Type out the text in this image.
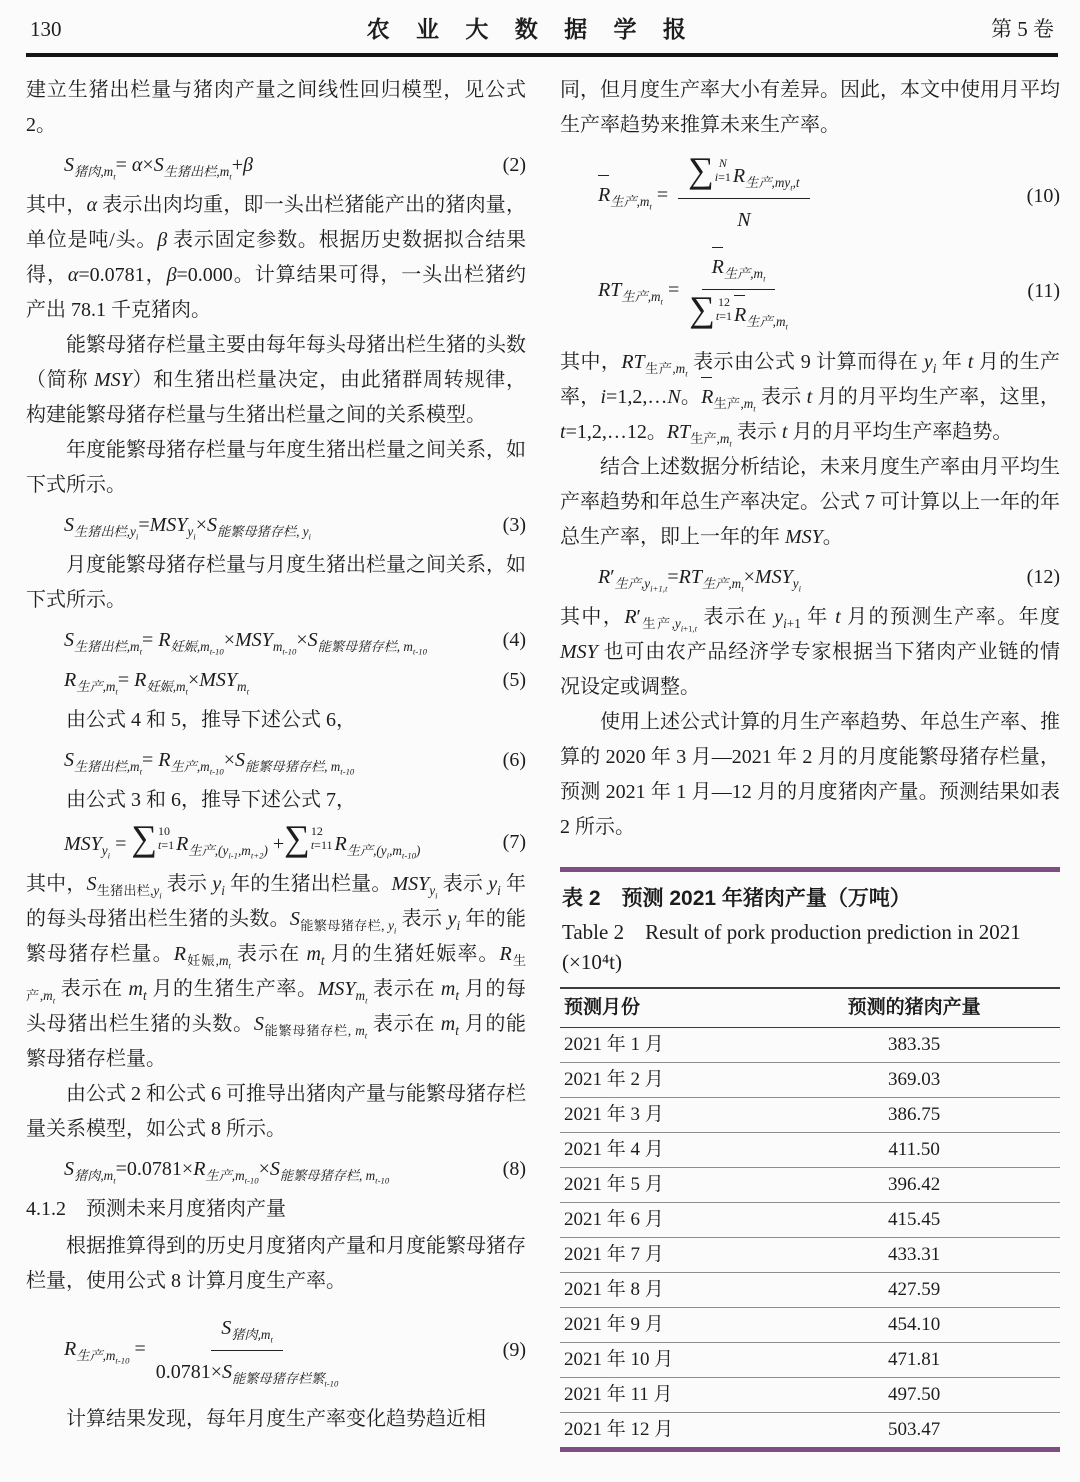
130	农 业 大 数 据 学 报	第 5 卷

建立生猪出栏量与猪肉产量之间线性回归模型，见公式 2。

$S_{猪肉,m_t}= \alpha\times S_{生猪出栏,m_t}+\beta$	(2)

其中，α 表示出肉均重，即一头出栏猪能产出的猪肉量，单位是吨/头。β 表示固定参数。根据历史数据拟合结果得，α=0.0781，β=0.000。计算结果可得，一头出栏猪约产出 78.1 千克猪肉。

能繁母猪存栏量主要由每年每头母猪出栏生猪的头数（简称 MSY）和生猪出栏量决定，由此猪群周转规律，构建能繁母猪存栏量与生猪出栏量之间的关系模型。

年度能繁母猪存栏量与年度生猪出栏量之间关系，如下式所示。

$S_{生猪出栏,y_i}=MSY_{y_i}\times S_{能繁母猪存栏, y_i}$
(3)

月度能繁母猪存栏量与月度生猪出栏量之间关系，如下式所示。

$S_{生猪出栏,m_t}= R_{妊娠,m_{t-10}}\times MSY_{m_{t-10}}\times S_{能繁母猪存栏, m_{t-10}}$
(4)
$R_{生产,m_t}= R_{妊娠,m_t}\times MSY_{m_t}$
(5)

由公式 4 和 5，推导下述公式 6，

$S_{生猪出栏,m_t}= R_{生产,m_{t-10}}\times S_{能繁母猪存栏, m_{t-10}}$
(6)

由公式 3 和 6，推导下述公式 7，

$MSY_{y_i}$ = ∑ 10
t=1 $R_{生产,(y_{i-1},m_{t+2})}$ + ∑ 12
t=11 $R_{生产,(y_i,m_{t-10})}$	(7)

其中，$S_{生猪出栏,y_i}$ 表示 $y_i$ 年的生猪出栏量。$MSY_{y_i}$ 表示 $y_i$ 年的每头母猪出栏生猪的头数。$S_{能繁母猪存栏, y_i}$ 表示 $y_i$ 年的能繁母猪存栏量。$R_{妊娠,m_t}$ 表示在 $m_t$ 月的生猪妊娠率。$R_{生产,m_t}$ 表示在 $m_t$ 月的生猪生产率。$MSY_{m_t}$ 表示在 $m_t$ 月的每头母猪出栏生猪的头数。$S_{能繁母猪存栏, m_t}$ 表示在 $m_t$ 月的能繁母猪存栏量。

由公式 2 和公式 6 可推导出猪肉产量与能繁母猪存栏量关系模型，如公式 8 所示。

$S_{猪肉,m_t}=0.0781\times R_{生产,m_{t-10}}\times S_{能繁母猪存栏, m_{t-10}}$
(8)

4.1.2　预测未来月度猪肉产量

根据推算得到的历史月度猪肉产量和月度能繁母猪存栏量，使用公式 8 计算月度生产率。

$R_{生产,m_{t-10}} = \frac{S_{猪肉,m_t}}{0.0781\times S_{能繁母猪存栏繁_{t-10}}}$	(9)

计算结果发现，每年月度生产率变化趋势趋近相

同，但月度生产率大小有差异。因此，本文中使用月平均生产率趋势来推算未来生产率。

$R_{生产,m_t}$ = ∑ N
i=1 $R_{生产,my_t,t}$
N	(10)
$RT_{生产,m_t} = R_{生产,m_t}$
∑ 12
t=1 $R_{生产,m_t}$	(11)

其中，$RT_{生产,m_t}$ 表示由公式 9 计算而得在 $y_i$ 年 t 月的生产率，i=1,2,…N。$R_{生产,m_t}$ 表示 t 月的月平均生产率，这里，t=1,2,…12。$RT_{生产,m_t}$ 表示 t 月的月平均生产率趋势。

结合上述数据分析结论，未来月度生产率由月平均生产率趋势和年总生产率决定。公式 7 可计算以上一年的年总生产率，即上一年的年 MSY。

$R'_{生产,y_{i+1,t}}=RT_{生产,m_t}\times MSY_{y_i}$
(12)

其中，$R'_{生产,y_{i+1,t}}$ 表示在 $y_{i+1}$ 年 t 月的预测生产率。年度 MSY 也可由农产品经济学专家根据当下猪肉产业链的情况设定或调整。

使用上述公式计算的月生产率趋势、年总生产率、推算的 2020 年 3 月—2021 年 2 月的月度能繁母猪存栏量，预测 2021 年 1 月—12 月的月度猪肉产量。预测结果如表 2 所示。

表 2　预测 2021 年猪肉产量（万吨）
Table 2　Result of pork production prediction in 2021 (×10⁴t)
预测月份	预测的猪肉产量
2021 年 1 月	383.35
2021 年 2 月	369.03
2021 年 3 月	386.75
2021 年 4 月	411.50
2021 年 5 月	396.42
2021 年 6 月	415.45
2021 年 7 月	433.31
2021 年 8 月	427.59
2021 年 9 月	454.10
2021 年 10 月	471.81
2021 年 11 月	497.50
2021 年 12 月	503.47
